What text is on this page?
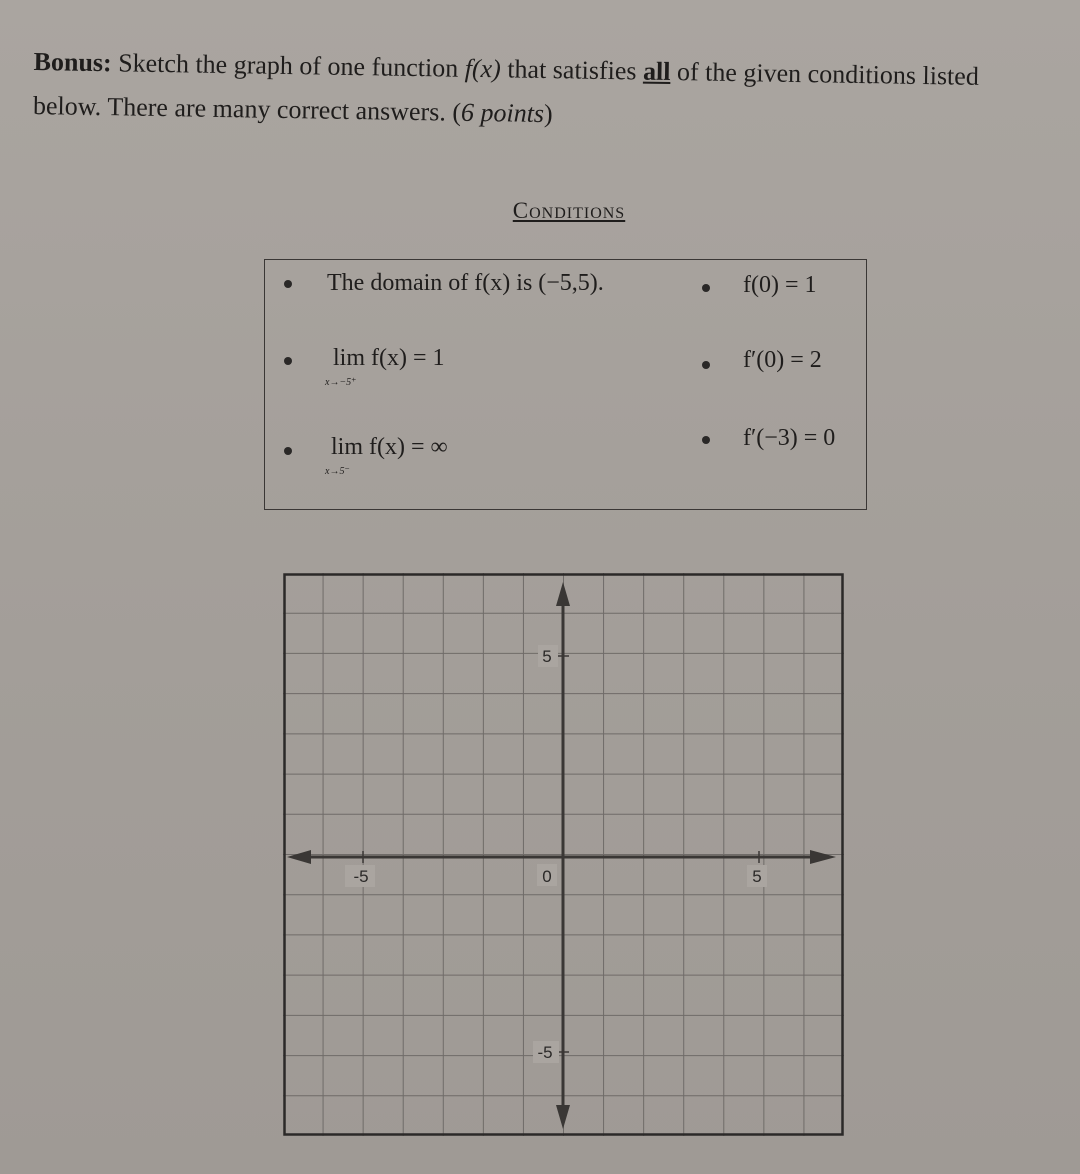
Bonus: Sketch the graph of one function f(x) that satisfies all of the given conditions listed below. There are many correct answers. (6 points)
Conditions
The domain of f(x) is (−5,5).
lim f(x) = 1
x→−5⁺
lim f(x) = ∞
x→5⁻
f(0) = 1
f′(0) = 2
f′(−3) = 0
-5	0	5
5
-5
